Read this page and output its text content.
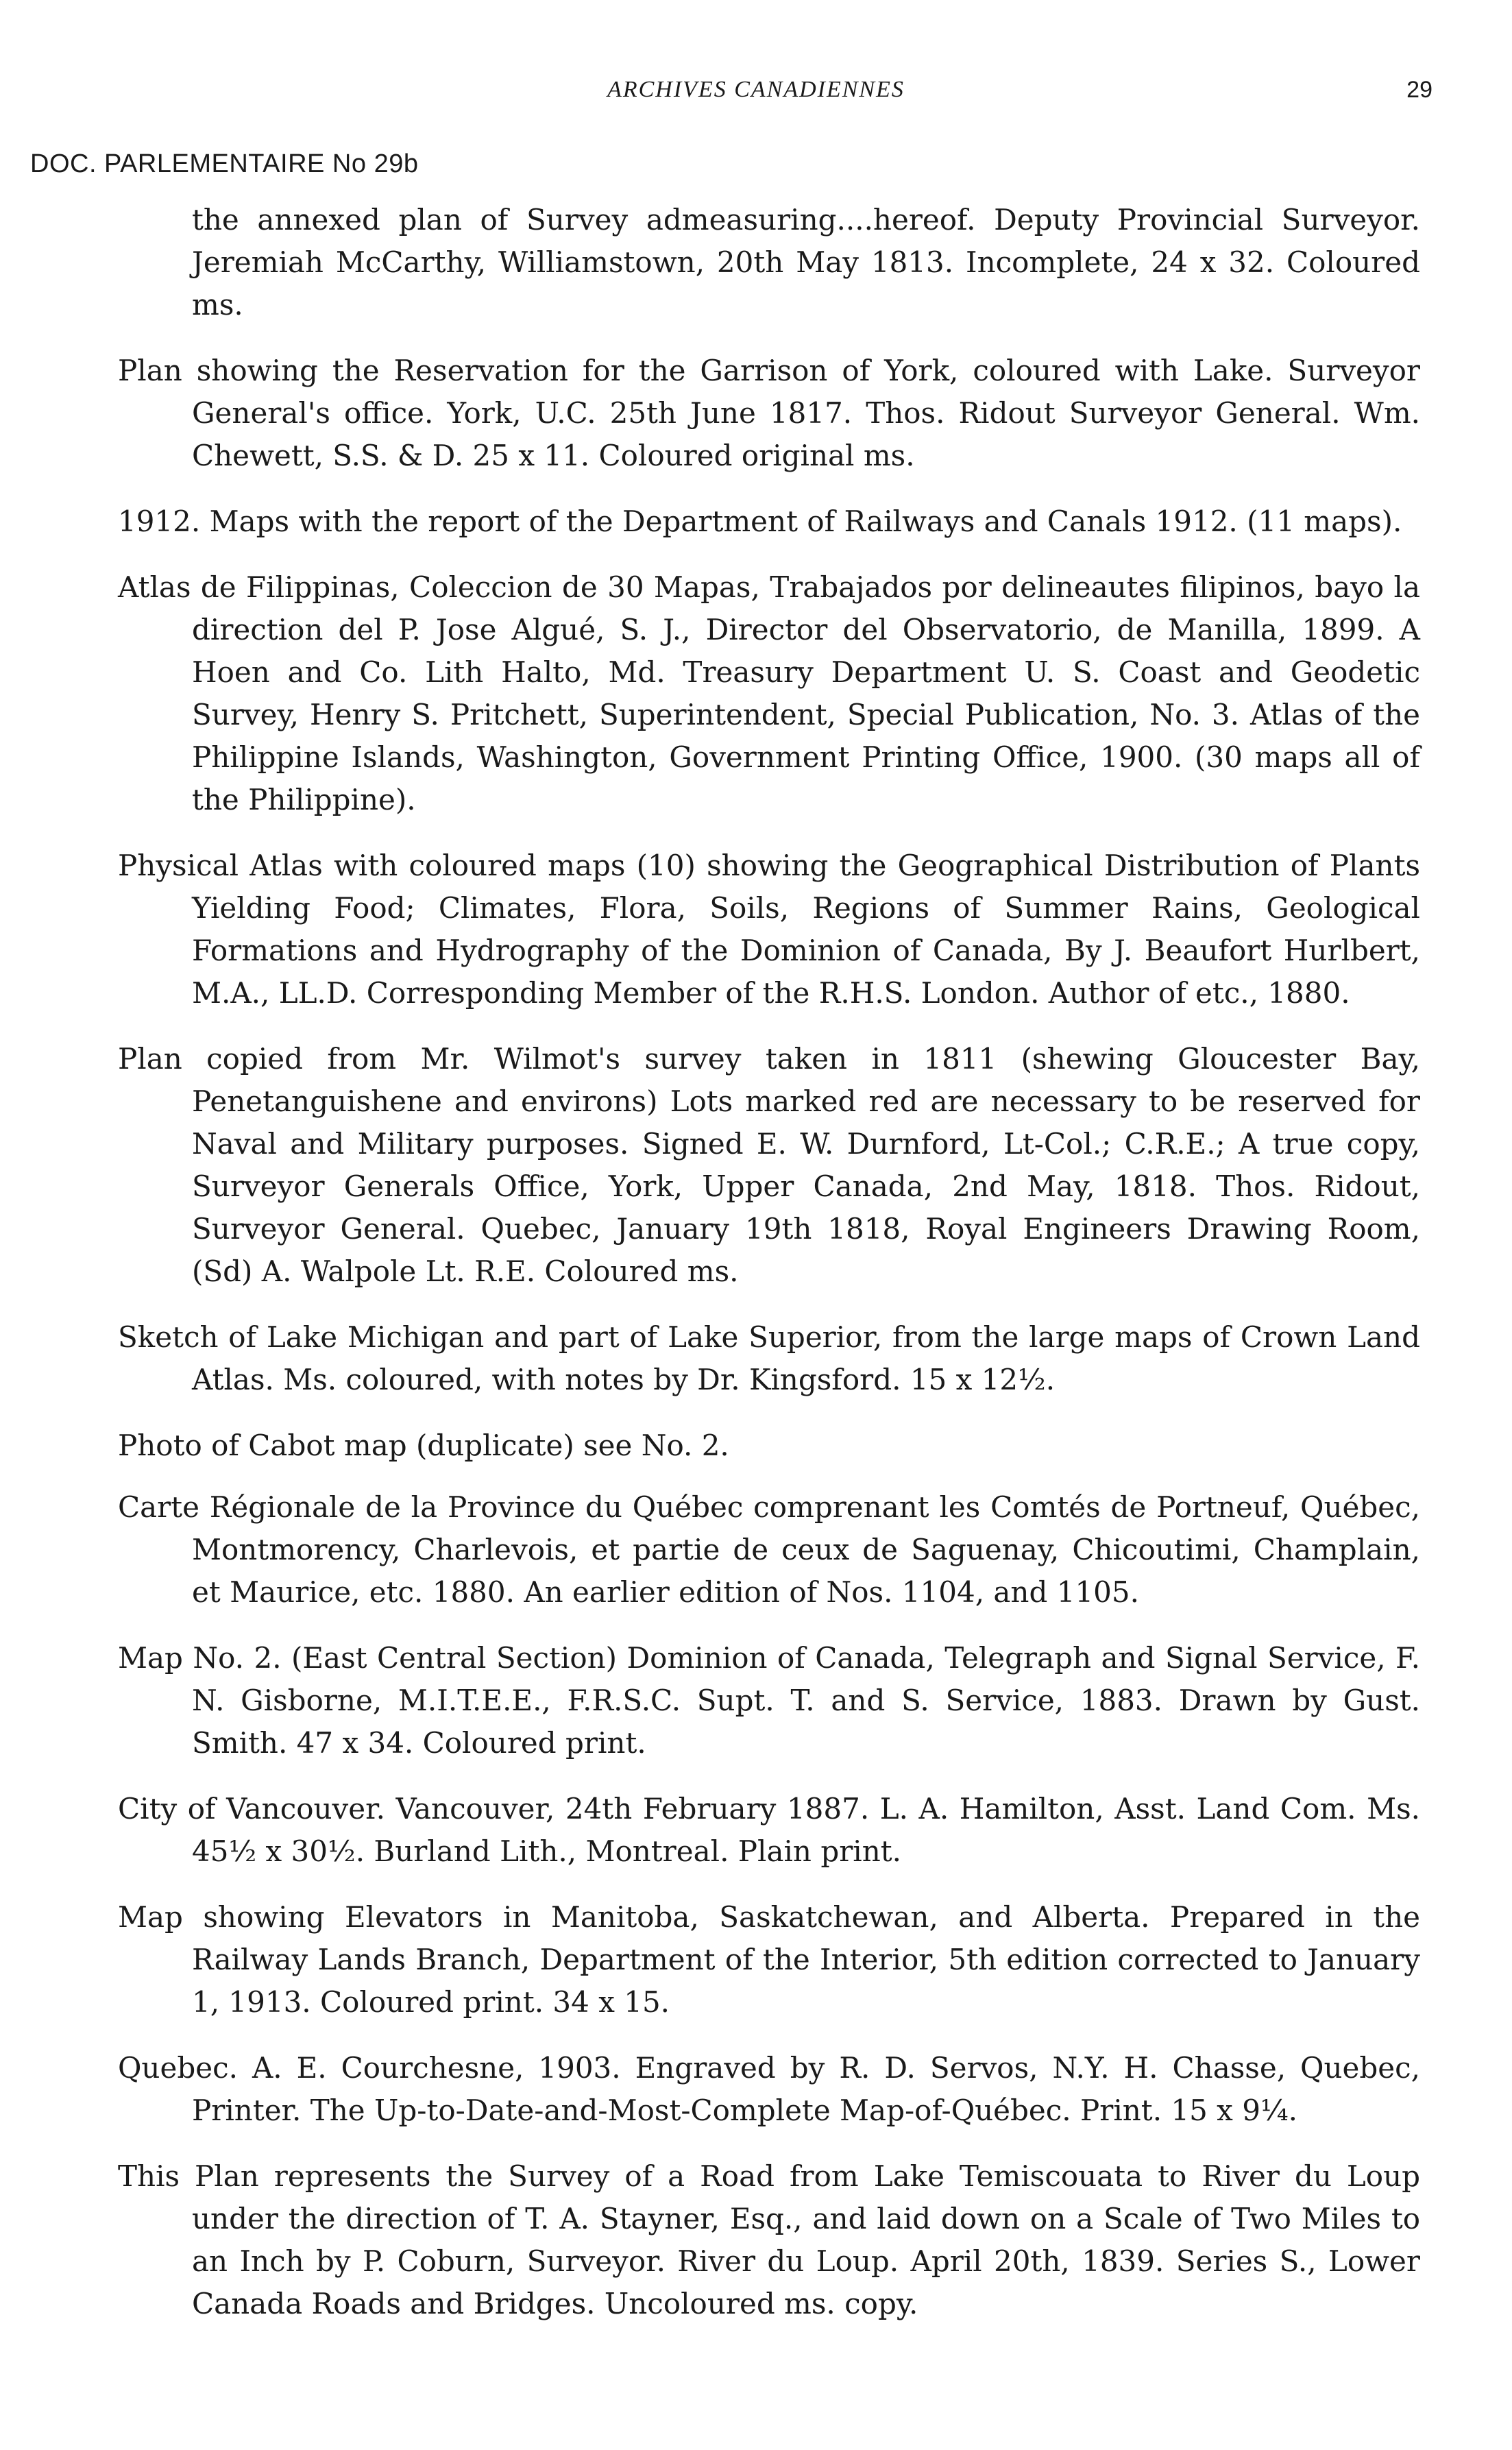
ARCHIVES CANADIENNES	29
DOC. PARLEMENTAIRE No 29b

the annexed plan of Survey admeasuring....hereof. Deputy Provincial Surveyor. Jeremiah McCarthy, Williamstown, 20th May 1813. Incomplete, 24 x 32. Coloured ms.

Plan showing the Reservation for the Garrison of York, coloured with Lake. Surveyor General's office. York, U.C. 25th June 1817. Thos. Ridout Surveyor General. Wm. Chewett, S.S. & D. 25 x 11. Coloured original ms.

1912. Maps with the report of the Department of Railways and Canals 1912. (11 maps).

Atlas de Filippinas, Coleccion de 30 Mapas, Trabajados por delineautes filipinos, bayo la direction del P. Jose Algué, S. J., Director del Observatorio, de Manilla, 1899. A Hoen and Co. Lith Halto, Md. Treasury Department U. S. Coast and Geodetic Survey, Henry S. Pritchett, Superintendent, Special Publication, No. 3. Atlas of the Philippine Islands, Washington, Government Printing Office, 1900. (30 maps all of the Philippine).

Physical Atlas with coloured maps (10) showing the Geographical Distribution of Plants Yielding Food; Climates, Flora, Soils, Regions of Summer Rains, Geological Formations and Hydrography of the Dominion of Canada, By J. Beaufort Hurlbert, M.A., LL.D. Corresponding Member of the R.H.S. London. Author of etc., 1880.

Plan copied from Mr. Wilmot's survey taken in 1811 (shewing Gloucester Bay, Penetanguishene and environs) Lots marked red are necessary to be reserved for Naval and Military purposes. Signed E. W. Durnford, Lt-Col.; C.R.E.; A true copy, Surveyor Generals Office, York, Upper Canada, 2nd May, 1818. Thos. Ridout, Surveyor General. Quebec, January 19th 1818, Royal Engineers Drawing Room, (Sd) A. Walpole Lt. R.E. Coloured ms.

Sketch of Lake Michigan and part of Lake Superior, from the large maps of Crown Land Atlas. Ms. coloured, with notes by Dr. Kingsford. 15 x 12½.

Photo of Cabot map (duplicate) see No. 2.

Carte Régionale de la Province du Québec comprenant les Comtés de Portneuf, Québec, Montmorency, Charlevois, et partie de ceux de Saguenay, Chicoutimi, Champlain, et Maurice, etc. 1880. An earlier edition of Nos. 1104, and 1105.

Map No. 2. (East Central Section) Dominion of Canada, Telegraph and Signal Service, F. N. Gisborne, M.I.T.E.E., F.R.S.C. Supt. T. and S. Service, 1883. Drawn by Gust. Smith. 47 x 34. Coloured print.

City of Vancouver. Vancouver, 24th February 1887. L. A. Hamilton, Asst. Land Com. Ms. 45½ x 30½. Burland Lith., Montreal. Plain print.

Map showing Elevators in Manitoba, Saskatchewan, and Alberta. Prepared in the Railway Lands Branch, Department of the Interior, 5th edition corrected to January 1, 1913. Coloured print. 34 x 15.

Quebec. A. E. Courchesne, 1903. Engraved by R. D. Servos, N.Y. H. Chasse, Quebec, Printer. The Up-to-Date-and-Most-Complete Map-of-Québec. Print. 15 x 9¼.

This Plan represents the Survey of a Road from Lake Temiscouata to River du Loup under the direction of T. A. Stayner, Esq., and laid down on a Scale of Two Miles to an Inch by P. Coburn, Surveyor. River du Loup. April 20th, 1839. Series S., Lower Canada Roads and Bridges. Uncoloured ms. copy.
